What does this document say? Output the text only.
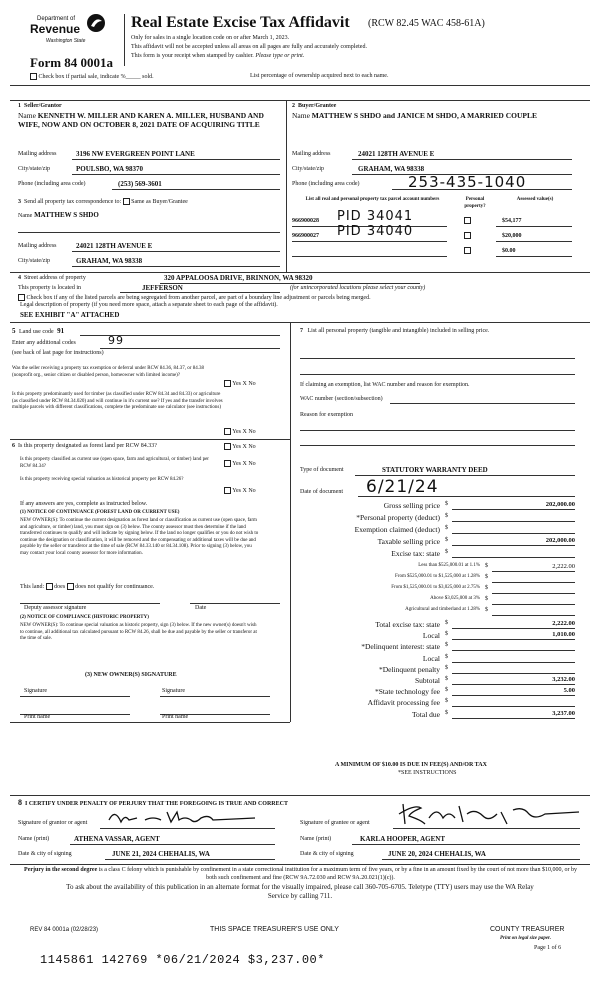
Department of
Revenue
Washington State
Form 84 0001a
Real Estate Excise Tax Affidavit (RCW 82.45 WAC 458-61A)
Only for sales in a single location code on or after March 1, 2023.
This affidavit will not be accepted unless all areas on all pages are fully and accurately completed.
This form is your receipt when stamped by cashier. Please type or print.
Check box if partial sale, indicate %_____ sold.	List percentage of ownership acquired next to each name.
1 Seller/Grantor
Name KENNETH W. MILLER AND KAREN A. MILLER, HUSBAND AND WIFE, NOW AND ON OCTOBER 8, 2021 DATE OF ACQUIRING TITLE
Mailing address	3196 NW EVERGREEN POINT LANE
City/state/zip	POULSBO, WA 98370
Phone (including area code)	(253) 569-3601
2 Buyer/Grantee
Name MATTHEW S SHDO and JANICE M SHDO, A MARRIED COUPLE
Mailing address	24021 128TH AVENUE E
City/state/zip	GRAHAM, WA 98338
Phone (including area code)	253-435-1040
3 Send all property tax correspondence to: Same as Buyer/Grantee
Name MATTHEW S SHDO
Mailing address	24021 128TH AVENUE E
City/state/zip	GRAHAM, WA 98338
List all real and personal property tax parcel account numbers	Personal property?
Assessed value(s)
966900028 PID 34041	$54,177
966900027 PID 34040	$20,000
$0.00
4 Street address of property	320 APPALOOSA DRIVE, BRINNON, WA 98320
This property is located in	JEFFERSON	(for unincorporated locations please select your county)
Check box if any of the listed parcels are being segregated from another parcel, are part of a boundary line adjustment or parcels being merged.
Legal description of property (if you need more space, attach a separate sheet to each page of the affidavit).
SEE EXHIBIT "A" ATTACHED
5 Land use code 91
Enter any additional codes	99
(see back of last page for instructions)
Was the seller receiving a property tax exemption or deferral under RCW 84.36, 84.37, or 84.38 (nonprofit org., senior citizen or disabled person, homeowner with limited income)?
Yes X No
Is this property predominantly used for timber (as classified under RCW 84.34 and 84.33) or agriculture (as classified under RCW 84.34.020) and will continue in it's current use? If yes and the transfer involves multiple parcels with different classifications, complete the predominate use calculator (see instructions)
Yes X No
6 Is this property designated as forest land per RCW 84.33?	Yes X No
Is this property classified as current use (open space, farm and agricultural, or timber) land per RCW 84.34?	Yes X No
Is this property receiving special valuation as historical property per RCW 84.26?
Yes X No
If any answers are yes, complete as instructed below.
(1) NOTICE OF CONTINUANCE (FOREST LAND OR CURRENT USE)
NEW OWNER(S): To continue the current designation as forest land or classification as current use (open space, farm and agriculture, or timber) land, you must sign on (3) below. The county assessor must then determine if the land transferred continues to qualify and will indicate by signing below. If the land no longer qualifies or you do not wish to continue the designation or classification, it will be removed and the compensating or additional taxes will be due and payable by the seller or transferor at the time of sale (RCW 84.33.140 or 84.34.108). Prior to signing (3) below, you may contact your local county assessor for more information.
This land: does does not qualify for continuance.
Deputy assessor signature	Date
(2) NOTICE OF COMPLIANCE (HISTORIC PROPERTY)
NEW OWNER(S): To continue special valuation as historic property, sign (3) below. If the new owner(s) doesn't wish to continue, all additional tax calculated pursuant to RCW 84.26, shall be due and payable by the seller or transferor at the time of sale.
(3) NEW OWNER(S) SIGNATURE
Signature	Signature
Print name	Print name
7 List all personal property (tangible and intangible) included in selling price.
If claiming an exemption, list WAC number and reason for exemption.
WAC number (section/subsection)
Reason for exemption
Type of document	STATUTORY WARRANTY DEED
Date of document 6/21/24
A MINIMUM OF $10.00 IS DUE IN FEE(S) AND/OR TAX
*SEE INSTRUCTIONS
8 I CERTIFY UNDER PENALTY OF PERJURY THAT THE FOREGOING IS TRUE AND CORRECT
Signature of grantor or agent
Name (print)	ATHENA VASSAR, AGENT
Date & city of signing	JUNE 21, 2024 CHEHALIS, WA
Signature of grantee or agent
Name (print)	KARLA HOOPER, AGENT
Date & city of signing	JUNE 20, 2024 CHEHALIS, WA
Perjury in the second degree is a class C felony which is punishable by confinement in a state correctional institution for a maximum term of five years, or by a fine in an amount fixed by the court of not more than $10,000, or by both such confinement and fine (RCW 9A.72.030 and RCW 9A.20.021(1)(c)).
To ask about the availability of this publication in an alternate format for the visually impaired, please call 360-705-6705. Teletype (TTY) users may use the WA Relay Service by calling 711.
REV 84 0001a (02/28/23)	THIS SPACE TREASURER'S USE ONLY	COUNTY TREASURER
Print on legal size paper.
Page 1 of 6
1145861 142769 *06/21/2024 $3,237.00*
Gross selling price $	202,000.00
*Personal property (deduct) $
Exemption claimed (deduct) $
Taxable selling price $	202,000.00
Excise tax: state $
Less than $525,000.01 at 1.1% $	2,222.00
From $525,000.01 to $1,525,000 at 1.28% $
From $1,525,000.01 to $3,025,000 at 2.75% $
Above $3,025,000 at 3% $
Agricultural and timberland at 1.28% $
Total excise tax: state $	2,222.00
Local $	1,010.00
*Delinquent interest: state $
Local $
*Delinquent penalty $
Subtotal $	3,232.00
*State technology fee $	5.00
Affidavit processing fee $
Total due $	3,237.00
